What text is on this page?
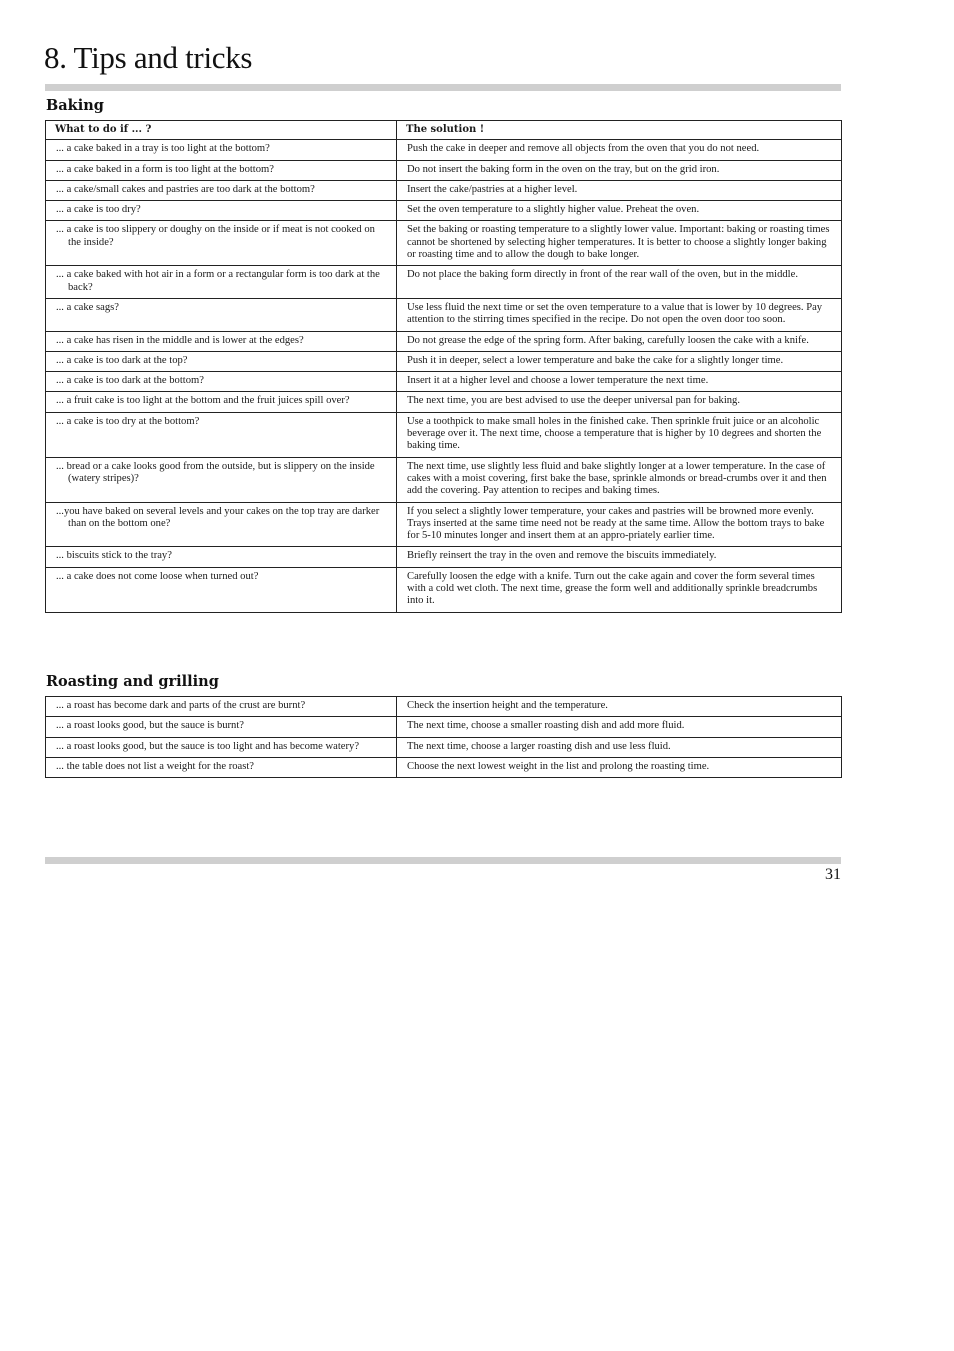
8. Tips and tricks
Baking
What to do if ... ?	The solution !

... a cake baked in a tray is too light at the bottom?	Push the cake in deeper and remove all objects from the oven that you do not need.

... a cake baked in a form is too light at the bottom?	Do not insert the baking form in the oven on the tray, but on the grid iron.

... a cake/small cakes and pastries are too dark at the bottom?	Insert the cake/pastries at a higher level.

... a cake is too dry?	Set the oven temperature to a slightly higher value. Preheat the oven.

... a cake is too slippery or doughy on the inside or if meat is not cooked on the inside?	Set the baking or roasting temperature to a slightly lower value. Important: baking or roasting times cannot be shortened by selecting higher temperatures. It is better to choose a slightly longer baking or roasting time and to allow the dough to bake longer.

... a cake baked with hot air in a form or a rectangular form is too dark at the back?	Do not place the baking form directly in front of the rear wall of the oven, but in the middle.

... a cake sags?	Use less fluid the next time or set the oven temperature to a value that is lower by 10 degrees. Pay attention to the stirring times specified in the recipe. Do not open the oven door too soon.

... a cake has risen in the middle and is lower at the edges?	Do not grease the edge of the spring form. After baking, carefully loosen the cake with a knife.

... a cake is too dark at the top?	Push it in deeper, select a lower temperature and bake the cake for a slightly longer time.

... a cake is too dark at the bottom?	Insert it at a higher level and choose a lower temperature the next time.

... a fruit cake is too light at the bottom and the fruit juices spill over?	The next time, you are best advised to use the deeper universal pan for baking.

... a cake is too dry at the bottom?	Use a toothpick to make small holes in the finished cake. Then sprinkle fruit juice or an alcoholic beverage over it. The next time, choose a temperature that is higher by 10 degrees and shorten the baking time.

... bread or a cake looks good from the outside, but is slippery on the inside (watery stripes)?	The next time, use slightly less fluid and bake slightly longer at a lower temperature. In the case of cakes with a moist covering, first bake the base, sprinkle almonds or bread-crumbs over it and then add the covering. Pay attention to recipes and baking times.

...you have baked on several levels and your cakes on the top tray are darker than on the bottom one?	If you select a slightly lower temperature, your cakes and pastries will be browned more evenly. Trays inserted at the same time need not be ready at the same time. Allow the bottom trays to bake for 5-10 minutes longer and insert them at an appro-priately earlier time.

... biscuits stick to the tray?	Briefly reinsert the tray in the oven and remove the biscuits immediately.

... a cake does not come loose when turned out?	Carefully loosen the edge with a knife. Turn out the cake again and cover the form several times with a cold wet cloth. The next time, grease the form well and additionally sprinkle breadcrumbs into it.
Roasting and grilling
... a roast has become dark and parts of the crust are burnt?	Check the insertion height and the temperature.

... a roast looks good, but the sauce is burnt?	The next time, choose a smaller roasting dish and add more fluid.

... a roast looks good, but the sauce is too light and has become watery?	The next time, choose a larger roasting dish and use less fluid.

... the table does not list a weight for the roast?	Choose the next lowest weight in the list and prolong the roasting time.
31
